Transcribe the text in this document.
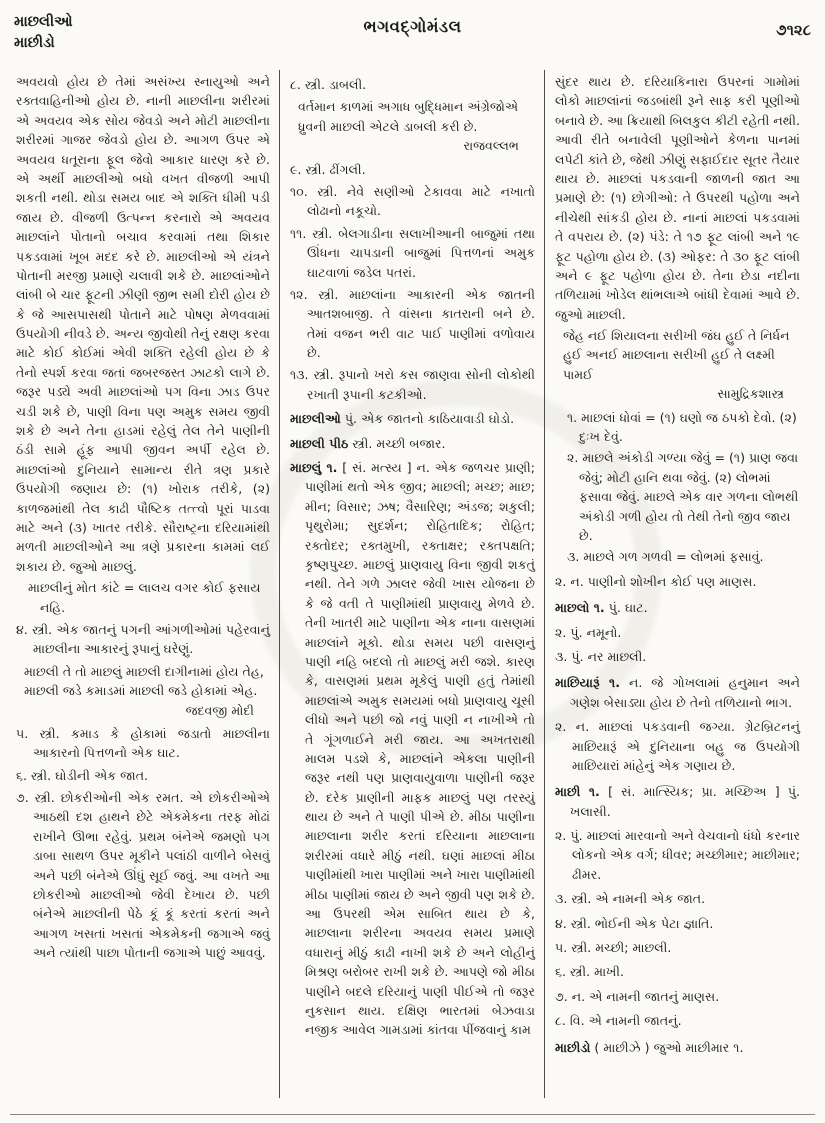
માછલીઓ
માછીડો
ભગવદ્ગોમંડલ	૭૧૨૮

અવયવો હોય છે તેમાં અસંખ્ય સ્નાયુઓ અને રક્તવાહિનીઓ હોય છે. નાની માછલીના શરીરમાં એ અવયવ એક સોય જેવડો અને મોટી માછલીના શરીરમાં ગાજર જેવડો હોય છે. આગળ ઉપર એ અવયવ ધતૂરાના ફૂલ જેવો આકાર ધારણ કરે છે. એ અર્થી માછલીઓ બધો વખત વીજળી આપી શકતી નથી. થોડા સમય બાદ એ શક્તિ ધીમી પડી જાય છે. વીજળી ઉત્પન્ન કરનારો એ અવયવ માછલાંને પોતાનો બચાવ કરવામાં તથા શિકાર પકડવામાં ખૂબ મદદ કરે છે. માછલીઓ એ યંત્રને પોતાની મરજી પ્રમાણે ચલાવી શકે છે. માછલાંઓને લાંબી બે ચાર ફૂટની ઝીણી જીભ સમી દોરી હોય છે કે જે આસપાસથી પોતાને માટે પોષણ મેળવવામાં ઉપયોગી નીવડે છે. અન્ય જીવોથી તેનું રક્ષણ કરવા માટે કોઈ કોઈમાં એવી શક્તિ રહેલી હોય છે કે તેનો સ્પર્શ કરવા જતાં જબરજસ્ત ઝાટકો લાગે છે. જરૂર પડ્યે અવી માછલાંઓ પગ વિના ઝાડ ઉપર ચડી શકે છે, પાણી વિના પણ અમુક સમય જીવી શકે છે અને તેના હાડમાં રહેલું તેલ તેને પાણીની ઠંડી સામે હૂંફ આપી જીવન અર્પી રહેલ છે. માછલાંઓ દુનિયાને સામાન્ય રીતે ત્રણ પ્રકારે ઉપયોગી જણાય છે: (૧) ખોરાક તરીકે, (૨) કાળજમાંથી તેલ કાઢી પૌષ્ટિક તત્ત્વો પૂરાં પાડવા માટે અને (૩) ખાતર તરીકે. સૌરાષ્ટ્રના દરિયામાંથી મળતી માછલીઓને આ ત્રણે પ્રકારના કામમાં લઈ શકાય છે. જુઓ માછલું.

માછલીનું મોત કાંટે = લાલચ વગર કોઈ ફસાય નહિ.

૪. સ્ત્રી. એક જાતનું પગની આંગળીઓમાં પહેરવાનું માછલીના આકારનું રૂપાનું ઘરેણું.

માછલી તે તો માછલું માછલી દાગીનામાં હોય તેહ, માછલી જડે કમાડમાં માછલી જડે હોકામાં એહ.

જદવજી મોદી

૫. સ્ત્રી. કમાડ કે હોકામાં જડાતો માછલીના આકારનો પિત્તળનો એક ઘાટ.

૬. સ્ત્રી. ઘોડીની એક જાત.

૭. સ્ત્રી. છોકરીઓની એક રમત. એ છોકરીઓએ આઠથી દશ હાથને છેટે એકમેકના તરફ મોઢાં રાખીને ઊભા રહેવું. પ્રથમ બંનેએ જમણો પગ ડાબા સાથળ ઉપર મૂકીને પલાંઠી વાળીને બેસવું અને પછી બંનેએ ઊંધું સૂઈ જવું. આ વખતે આ છોકરીઓ માછલીઓ જેવી દેખાય છે. પછી બંનેએ માછલીની પેઠે કૂં કૂં કરતાં કરતાં અને આગળ ખસતાં ખસતાં એકમેકની જગાએ જવું અને ત્યાંથી પાછા પોતાની જગાએ પાછું આવવું.

૮. સ્ત્રી. ડાબલી.

વર્તમાન કાળમાં અગાધ બુદ્ધિમાન અંગ્રેજોએ ધ્રુવની માછલી એટલે ડાબલી કરી છે.

રાજવલ્લભ

૯. સ્ત્રી. ઢીંગલી.

૧૦. સ્ત્રી. નેવે સણીઓ ટેકાવવા માટે નખાતો લોઢાનો નકૂચો.

૧૧. સ્ત્રી. બેલગાડીના સલાખીઆની બાજુમાં તથા ઊંધના ચાપડાની બાજુમાં પિત્તળનાં અમુક ઘાટવાળાં જડેલ પતરાં.

૧૨. સ્ત્રી. માછલાંના આકારની એક જાતની આતશબાજી. તે વાંસના કાતરાની બને છે. તેમાં વજન ભરી વાટ પાઈ પાણીમાં વળોવાય છે.

૧૩. સ્ત્રી. રૂપાનો ખરો કસ જાણવા સોની લોકોથી રખાતી રૂપાની કટકીઓ.

માછલીઓ પું. એક જાતનો કાઠિયાવાડી ઘોડો.

માછલી પીઠ સ્ત્રી. મચ્છી બજાર.

માછલું ૧. [ સં. મત્સ્ય ] ન. એક જળચર પ્રાણી; પાણીમાં થતો એક જીવ; માછલી; મચ્છ; માછ; મીન; વિસાર; ઝષ; વૈસારિણ; અંડજ; શકુલી; પૃથુરોમા; સુદર્શન; રોહિતાદિક; રોહિત; રક્તોદર; રક્તમુખી, રક્તાક્ષર; રક્તપક્ષતિ; કૃષ્ણપુચ્છ. માછલું પ્રાણવાયુ વિના જીવી શકતું નથી. તેને ગળે ઝાલર જેવી ખાસ યોજના છે કે જે વતી તે પાણીમાંથી પ્રાણવાયુ મેળવે છે. તેની ખાતરી માટે પાણીના એક નાના વાસણમાં માછલાંને મૂકો. થોડા સમય પછી વાસણનું પાણી નહિ બદલો તો માછલું મરી જશે. કારણ કે, વાસણમાં પ્રથમ મૂકેલું પાણી હતું તેમાંથી માછલાંએ અમુક સમયમાં બધો પ્રાણવાયુ ચૂસી લીધો અને પછી જો નવું પાણી ન નાખીએ તો તે ગૂંગળાઈને મરી જાય. આ અખતરાથી માલમ પડશે કે, માછલાંને એકલા પાણીની જરૂર નથી પણ પ્રાણવાયુવાળા પાણીની જરૂર છે. દરેક પ્રાણીની માફક માછલું પણ તરસ્યું થાય છે અને તે પાણી પીએ છે. મીઠા પાણીના માછલાના શરીર કરતાં દરિયાના માછલાના શરીરમાં વધારે મીઠું નથી. ઘણાં માછલાં મીઠા પાણીમાંથી ખારા પાણીમાં અને ખારા પાણીમાંથી મીઠા પાણીમાં જાય છે અને જીવી પણ શકે છે. આ ઉપરથી એમ સાબિત થાય છે કે, માછલાના શરીરના અવયવ સમય પ્રમાણે વધારાનું મીઠું કાઢી નાખી શકે છે અને લોહીનું મિશ્રણ બરોબર રાખી શકે છે. આપણે જો મીઠા પાણીને બદલે દરિયાનું પાણી પીઈએ તો જરૂર નુકસાન થાય. દક્ષિણ ભારતમાં બેઝવાડા નજીક આવેલ ગામડામાં કાંતવા પીંજવાનું કામ

સુંદર થાય છે. દરિયાકિનારા ઉપરનાં ગામોમાં લોકો માછલાંનાં જડબાંથી રૂને સાફ કરી પૂણીઓ બનાવે છે. આ ક્રિયાથી બિલકુલ કીટી રહેતી નથી. આવી રીતે બનાવેલી પૂણીઓને કેળના પાનમાં લપેટી કાંતે છે, જેથી ઝીણું સફાઈદાર સૂતર તૈયાર થાય છે. માછલાં પકડવાની જાળની જાત આ પ્રમાણે છે: (૧) છોગીઓ: તે ઉપરથી પહોળા અને નીચેથી સાંકડી હોય છે. નાનાં માછલાં પકડવામાં તે વપરાય છે. (૨) પંડે: તે ૧૭ ફૂટ લાંબી અને ૧૯ ફૂટ પહોળા હોય છે. (૩) ઓફર: તે ૩૦ ફૂટ લાંબી અને ૯ ફૂટ પહોળા હોય છે. તેના છેડા નદીના તળિયામાં ખોડેલ થાંભલાએ બાંધી દેવામાં આવે છે. જુઓ માછલી.

જેહ નઈ શિયાલના સરીખી જંઘ હુઈ તે નિર્ધન હુઈ અનઈ માછલાના સરીખી હુઈ તે લક્ષ્મી પામઈ

સામુદ્રિકશાસ્ત્ર

૧. માછલાં ધોવાં = (૧) ઘણો જ ઠપકો દેવો. (૨) દુઃખ દેવું.

૨. માછલે અંકોડી ગળ્યા જેવું = (૧) પ્રાણ જવા જેવું; મોટી હાનિ થવા જેવું. (૨) લોભમાં ફસાવા જેવું. માછલે એક વાર ગળના લોભથી અંકોડી ગળી હોય તો તેથી તેનો જીવ જાય છે.

૩. માછલે ગળ ગળવી = લોભમાં ફસાવું.

૨. ન. પાણીનો શોખીન કોઈ પણ માણસ.

માછલો ૧. પું. ઘાટ.

૨. પું. નમૂનો.

૩. પું. નર માછલી.

માછિયારૂં ૧. ન. જે ગોખલામાં હનુમાન અને ગણેશ બેસાડ્યા હોય છે તેનો તળિયાનો ભાગ.

૨. ન. માછલાં પકડવાની જગ્યા. ગ્રેટબ્રિટનનું માછિયારૂં એ દુનિયાના બહુ જ ઉપયોગી માછિયારાં માંહેનું એક ગણાય છે.

માછી ૧. [ સં. માત્સ્યિક; પ્રા. મચ્છિઅ ] પું. ખલાસી.

૨. પું. માછલાં મારવાનો અને વેચવાનો ધંધો કરનાર લોકનો એક વર્ગ; ધીવર; મચ્છીમાર; માછીમાર; ઢીમર.

૩. સ્ત્રી. એ નામની એક જાત.

૪. સ્ત્રી. ભોઈની એક પેટા જ્ઞાતિ.

૫. સ્ત્રી. મચ્છી; માછલી.

૬. સ્ત્રી. માખી.

૭. ન. એ નામની જાતનું માણસ.

૮. વિ. એ નામની જાતનું.

માછીડો ( માછીઝે ) જુઓ માછીમાર ૧.
